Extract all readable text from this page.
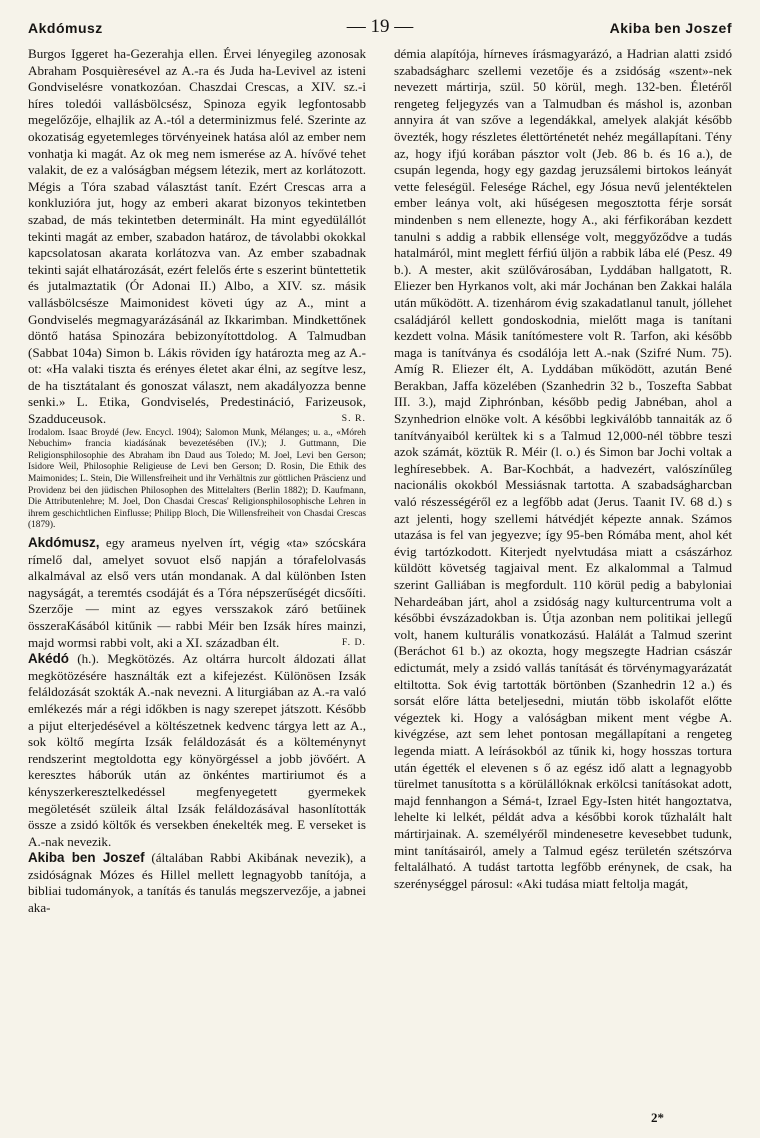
Akdómusz	— 19 —	Akiba ben Joszef

Burgos Iggeret ha-Gezerahja ellen. Érvei lényegileg azonosak Abraham Posquièresével az A.-ra és Juda ha-Levivel az isteni Gondviselésre vonatkozóan. Chaszdai Crescas, a XIV. sz.-i híres toledói vallásbölcsész, Spinoza egyik legfontosabb megelőzője, elhajlik az A.-tól a determinizmus felé. Szerinte az okozatiság egyetemleges törvényeinek hatása alól az ember nem vonhatja ki magát. Az ok meg nem ismerése az A. hívővé tehet valakit, de ez a valóságban mégsem létezik, mert az korlátozott. Mégis a Tóra szabad választást tanít. Ezért Crescas arra a konkluzióra jut, hogy az emberi akarat bizonyos tekintetben szabad, de más tekintetben determinált. Ha mint egyedülállót tekinti magát az ember, szabadon határoz, de távolabbi okokkal kapcsolatosan akarata korlátozva van. Az ember szabadnak tekinti saját elhatározását, ezért felelős érte s eszerint büntettetik és jutalmaztatik (Ór Adonai II.) Albo, a XIV. sz. másik vallásbölcsésze Maimonidest követi úgy az A., mint a Gondviselés megmagyarázásánál az Ikkarimban. Mindkettőnek döntő hatása Spinozára bebizonyítottdolog. A Talmudban (Sabbat 104a) Simon b. Lákis röviden így határozta meg az A.-ot: «Ha valaki tiszta és erényes életet akar élni, az segítve lesz, de ha tisztátalant és gonoszat választ, nem akadályozza benne senki.» L. Etika, Gondviselés, Predestináció, Farizeusok, Szadduceusok.	S. R.

Irodalom. Isaac Broydé (Jew. Encycl. 1904); Salomon Munk, Mélanges; u. a., «Móreh Nebuchim» francia kiadásának bevezetésében (IV.); J. Guttmann, Die Religionsphilosophie des Abraham ibn Daud aus Toledo; M. Joel, Levi ben Gerson; Isidore Weil, Philosophie Religieuse de Levi ben Gerson; D. Rosin, Die Ethik des Maimonides; L. Stein, Die Willensfreiheit und ihr Verhältnis zur göttlichen Präscienz und Providenz bei den jüdischen Philosophen des Mittelalters (Berlin 1882); D. Kaufmann, Die Attributenlehre; M. Joel, Don Chasdai Crescas' Religionsphilosophische Lehren in ihrem geschichtlichen Einflusse; Philipp Bloch, Die Willensfreiheit von Chasdai Crescas (1879).

Akdómusz, egy arameus nyelven írt, végig «ta» szócskára rímelő dal, amelyet sovuot első napján a tórafelolvasás alkalmával az első vers után mondanak. A dal különben Isten nagyságát, a teremtés csodáját és a Tóra népszerűségét dicsőíti. Szerzője — mint az egyes versszakok záró betűinek összeraKásából kitűnik — rabbi Méir ben Izsák híres mainzi, majd wormsi rabbi volt, aki a XI. században élt.	F. D.

Akédó (h.). Megkötözés. Az oltárra hurcolt áldozati állat megkötözésére használták ezt a kifejezést. Különösen Izsák feláldozását szokták A.-nak nevezni. A liturgiában az A.-ra való emlékezés már a régi időkben is nagy szerepet játszott. Később a pijut elterjedésével a költészetnek kedvenc tárgya lett az A., sok költő megírta Izsák feláldozását és a költeménynyt rendszerint megtoldotta egy könyörgéssel a jobb jövőért. A keresztes háborúk után az önkéntes martiriumot és a kényszerkeresztelkedéssel megfenyegetett gyermekek megöletését szüleik által Izsák feláldozásával hasonlították össze a zsidó költők és versekben énekelték meg. E verseket is A.-nak nevezik.

Akiba ben Joszef (általában Rabbi Akibának nevezik), a zsidóságnak Mózes és Hillel mellett legnagyobb tanítója, a bibliai tudományok, a tanítás és tanulás megszervezője, a jabnei aka-

démia alapítója, hírneves írásmagyarázó, a Hadrian alatti zsidó szabadságharc szellemi vezetője és a zsidóság «szent»-nek nevezett mártirja, szül. 50 körül, megh. 132-ben. Életéről rengeteg feljegyzés van a Talmudban és máshol is, azonban annyira át van szőve a legendákkal, amelyek alakját később övezték, hogy részletes élettörténetét nehéz megállapítani. Tény az, hogy ifjú korában pásztor volt (Jeb. 86 b. és 16 a.), de csupán legenda, hogy egy gazdag jeruzsálemi birtokos leányát vette feleségül. Felesége Ráchel, egy Jósua nevű jelentéktelen ember leánya volt, aki hűségesen megosztotta férje sorsát mindenben s nem ellenezte, hogy A., aki férfikorában kezdett tanulni s addig a rabbik ellensége volt, meggyőződve a tudás hatalmáról, mint meglett férfiú üljön a rabbik lába elé (Pesz. 49 b.). A mester, akit szülővárosában, Lyddában hallgatott, R. Eliezer ben Hyrkanos volt, aki már Jochánan ben Zakkai halála után működött. A. tizenhárom évig szakadatlanul tanult, jóllehet családjáról kellett gondoskodnia, mielőtt maga is tanítani kezdett volna. Másik tanítómestere volt R. Tarfon, aki később maga is tanítványa és csodálója lett A.-nak (Szifré Num. 75). Amíg R. Eliezer élt, A. Lyddában működött, azután Bené Berakban, Jaffa közelében (Szanhedrin 32 b., Toszefta Sabbat III. 3.), majd Ziphrónban, később pedig Jabnéban, ahol a Szynhedrion elnöke volt. A későbbi legkiválóbb tannaiták az ő tanítványaiból kerültek ki s a Talmud 12,000-nél többre teszi azok számát, köztük R. Méir (l. o.) és Simon bar Jochi voltak a leghíresebbek. A. Bar-Kochbát, a hadvezért, valószínűleg nacionális okokból Messiásnak tartotta. A szabadságharcban való részességéről ez a legfőbb adat (Jerus. Taanit IV. 68 d.) s azt jelenti, hogy szellemi hátvédjét képezte annak. Számos utazása is fel van jegyezve; így 95-ben Rómába ment, ahol két évig tartózkodott. Kiterjedt nyelvtudása miatt a császárhoz küldött követség tagjaival ment. Ez alkalommal a Talmud szerint Galliában is megfordult. 110 körül pedig a babyloniai Nehardeában járt, ahol a zsidóság nagy kulturcentruma volt a későbbi évszázadokban is. Útja azonban nem politikai jellegű volt, hanem kulturális vonatkozású. Halálát a Talmud szerint (Beráchot 61 b.) az okozta, hogy megszegte Hadrian császár edictumát, mely a zsidó vallás tanítását és törvénymagyarázatát eltiltotta. Sok évig tartották börtönben (Szanhedrin 12 a.) és sorsát előre látta beteljesedni, miután több iskolafőt előtte végeztek ki. Hogy a valóságban mikent ment végbe A. kivégzése, azt sem lehet pontosan megállapítani a rengeteg legenda miatt. A leírásokból az tűnik ki, hogy hosszas tortura után égették el elevenen s ő az egész idő alatt a legnagyobb türelmet tanusította s a körülállóknak erkölcsi tanításokat adott, majd fennhangon a Sémá-t, Izrael Egy-Isten hitét hangoztatva, lehelte ki lelkét, példát adva a későbbi korok tűzhalált halt mártirjainak. A. személyéről mindenesetre kevesebbet tudunk, mint tanításairól, amely a Talmud egész területén szétszórva feltalálható. A tudást tartotta legfőbb erénynek, de csak, ha szerénységgel párosul: «Aki tudása miatt feltolja magát,

2*
